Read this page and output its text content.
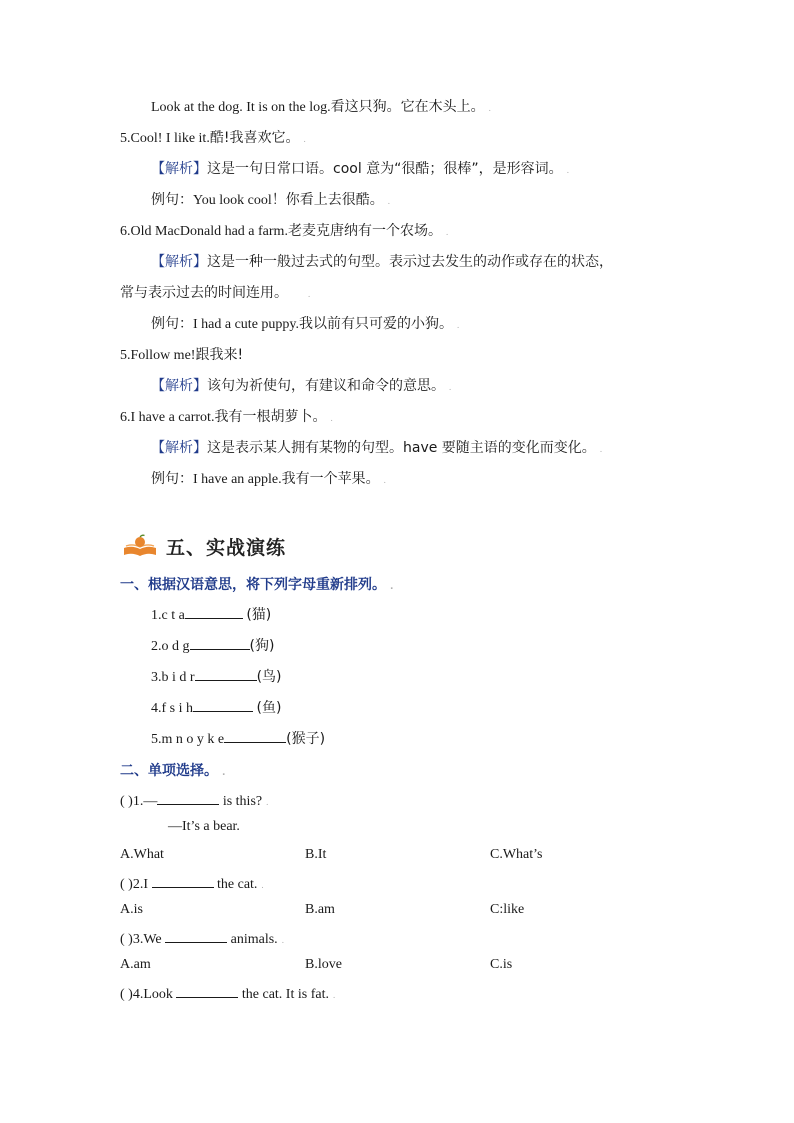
Look at the dog. It is on the log.看这只狗。它在木头上。 .
5.Cool! I like it.酷!我喜欢它。 .
【解析】这是一句日常口语。cool 意为“很酷；很棒”，是形容词。 .
例句：You look cool！你看上去很酷。 .
6.Old MacDonald had a farm.老麦克唐纳有一个农场。 .
【解析】这是一种一般过去式的句型。表示过去发生的动作或存在的状态，
常与表示过去的时间连用。 .
例句：I had a cute puppy.我以前有只可爱的小狗。 .
5.Follow me!跟我来!
【解析】该句为祈使句，有建议和命令的意思。 .
6.I have a carrot.我有一根胡萝卜。 .
【解析】这是表示某人拥有某物的句型。have 要随主语的变化而变化。 .
例句：I have an apple.我有一个苹果。 .
五、实战演练
一、根据汉语意思，将下列字母重新排列。 .
1.c t a	(猫)
2.o d g	(狗)
3.b i d r	(鸟)
4.f s i h	(鱼)
5.m n o y k e	(猴子)
二、单项选择。 .
( )1.—	is this? .
—It’s a bear.
A.What	B.It	C.What’s
( )2.I	the cat. .
A.is	B.am	C:like
( )3.We	animals. .
A.am	B.love	C.is
( )4.Look	the cat. It is fat. .
